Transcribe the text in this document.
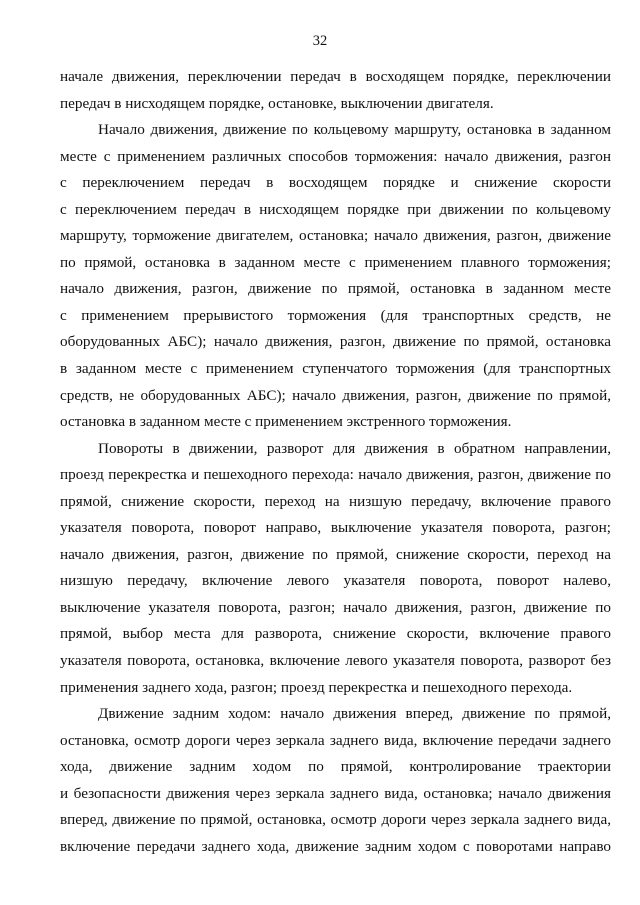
32
начале движения, переключении передач в восходящем порядке, переключении
передач в нисходящем порядке, остановке, выключении двигателя.
Начало движения, движение по кольцевому маршруту, остановка в заданном
месте с применением различных способов торможения: начало движения, разгон
с переключением передач в восходящем порядке и снижение скорости
с переключением передач в нисходящем порядке при движении по кольцевому
маршруту, торможение двигателем, остановка; начало движения, разгон, движение
по прямой, остановка в заданном месте с применением плавного торможения;
начало движения, разгон, движение по прямой, остановка в заданном месте
с применением прерывистого торможения (для транспортных средств, не
оборудованных АБС); начало движения, разгон, движение по прямой, остановка
в заданном месте с применением ступенчатого торможения (для транспортных
средств, не оборудованных АБС); начало движения, разгон, движение по прямой,
остановка в заданном месте с применением экстренного торможения.
Повороты в движении, разворот для движения в обратном направлении,
проезд перекрестка и пешеходного перехода: начало движения, разгон, движение по
прямой, снижение скорости, переход на низшую передачу, включение правого
указателя поворота, поворот направо, выключение указателя поворота, разгон;
начало движения, разгон, движение по прямой, снижение скорости, переход на
низшую передачу, включение левого указателя поворота, поворот налево,
выключение указателя поворота, разгон; начало движения, разгон, движение по
прямой, выбор места для разворота, снижение скорости, включение правого
указателя поворота, остановка, включение левого указателя поворота, разворот без
применения заднего хода, разгон; проезд перекрестка и пешеходного перехода.
Движение задним ходом: начало движения вперед, движение по прямой,
остановка, осмотр дороги через зеркала заднего вида, включение передачи заднего
хода, движение задним ходом по прямой, контролирование траектории
и безопасности движения через зеркала заднего вида, остановка; начало движения
вперед, движение по прямой, остановка, осмотр дороги через зеркала заднего вида,
включение передачи заднего хода, движение задним ходом с поворотами направо
